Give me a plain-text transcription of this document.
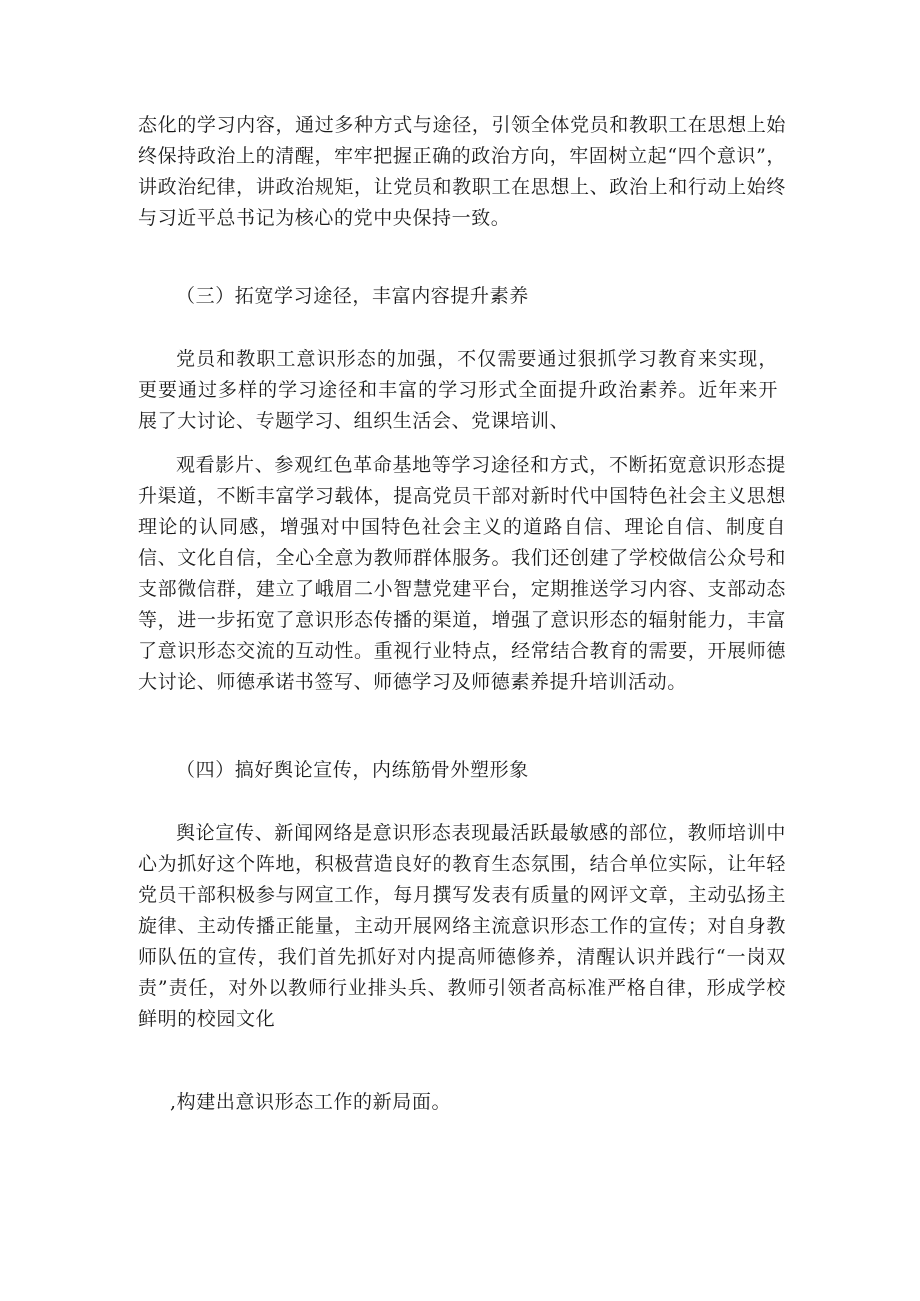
态化的学习内容，通过多种方式与途径，引领全体党员和教职工在思想上始终保持政治上的清醒，牢牢把握正确的政治方向，牢固树立起“四个意识”，讲政治纪律，讲政治规矩，让党员和教职工在思想上、政治上和行动上始终与习近平总书记为核心的党中央保持一致。

（三）拓宽学习途径，丰富内容提升素养

党员和教职工意识形态的加强，不仅需要通过狠抓学习教育来实现，更要通过多样的学习途径和丰富的学习形式全面提升政治素养。近年来开展了大讨论、专题学习、组织生活会、党课培训、

观看影片、参观红色革命基地等学习途径和方式，不断拓宽意识形态提升渠道，不断丰富学习载体，提高党员干部对新时代中国特色社会主义思想理论的认同感，增强对中国特色社会主义的道路自信、理论自信、制度自信、文化自信，全心全意为教师群体服务。我们还创建了学校做信公众号和支部微信群，建立了峨眉二小智慧党建平台，定期推送学习内容、支部动态等，进一步拓宽了意识形态传播的渠道，增强了意识形态的辐射能力，丰富了意识形态交流的互动性。重视行业特点，经常结合教育的需要，开展师德大讨论、师德承诺书签写、师德学习及师德素养提升培训活动。

（四）搞好舆论宣传，内练筋骨外塑形象

舆论宣传、新闻网络是意识形态表现最活跃最敏感的部位，教师培训中心为抓好这个阵地，积极营造良好的教育生态氛围，结合单位实际，让年轻党员干部积极参与网宣工作，每月撰写发表有质量的网评文章，主动弘扬主旋律、主动传播正能量，主动开展网络主流意识形态工作的宣传；对自身教师队伍的宣传，我们首先抓好对内提高师德修养，清醒认识并践行“一岗双责”责任，对外以教师行业排头兵、教师引领者高标准严格自律，形成学校鲜明的校园文化

,构建出意识形态工作的新局面。
